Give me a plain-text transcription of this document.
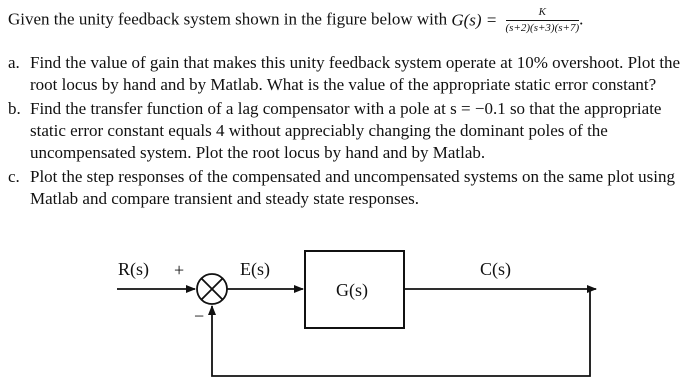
Given the unity feedback system shown in the figure below with $G(s) = \frac{K}{(s+2)(s+3)(s+7)}$ .
a. Find the value of gain that makes this unity feedback system operate at 10% overshoot. Plot the root locus by hand and by Matlab. What is the value of the appropriate static error constant?
b. Find the transfer function of a lag compensator with a pole at s = −0.1 so that the appropriate static error constant equals 4 without appreciably changing the dominant poles of the uncompensated system. Plot the root locus by hand and by Matlab.
c. Plot the step responses of the compensated and uncompensated systems on the same plot using Matlab and compare transient and steady state responses.
R(s) +
−
E(s)
G(s)
C(s)
